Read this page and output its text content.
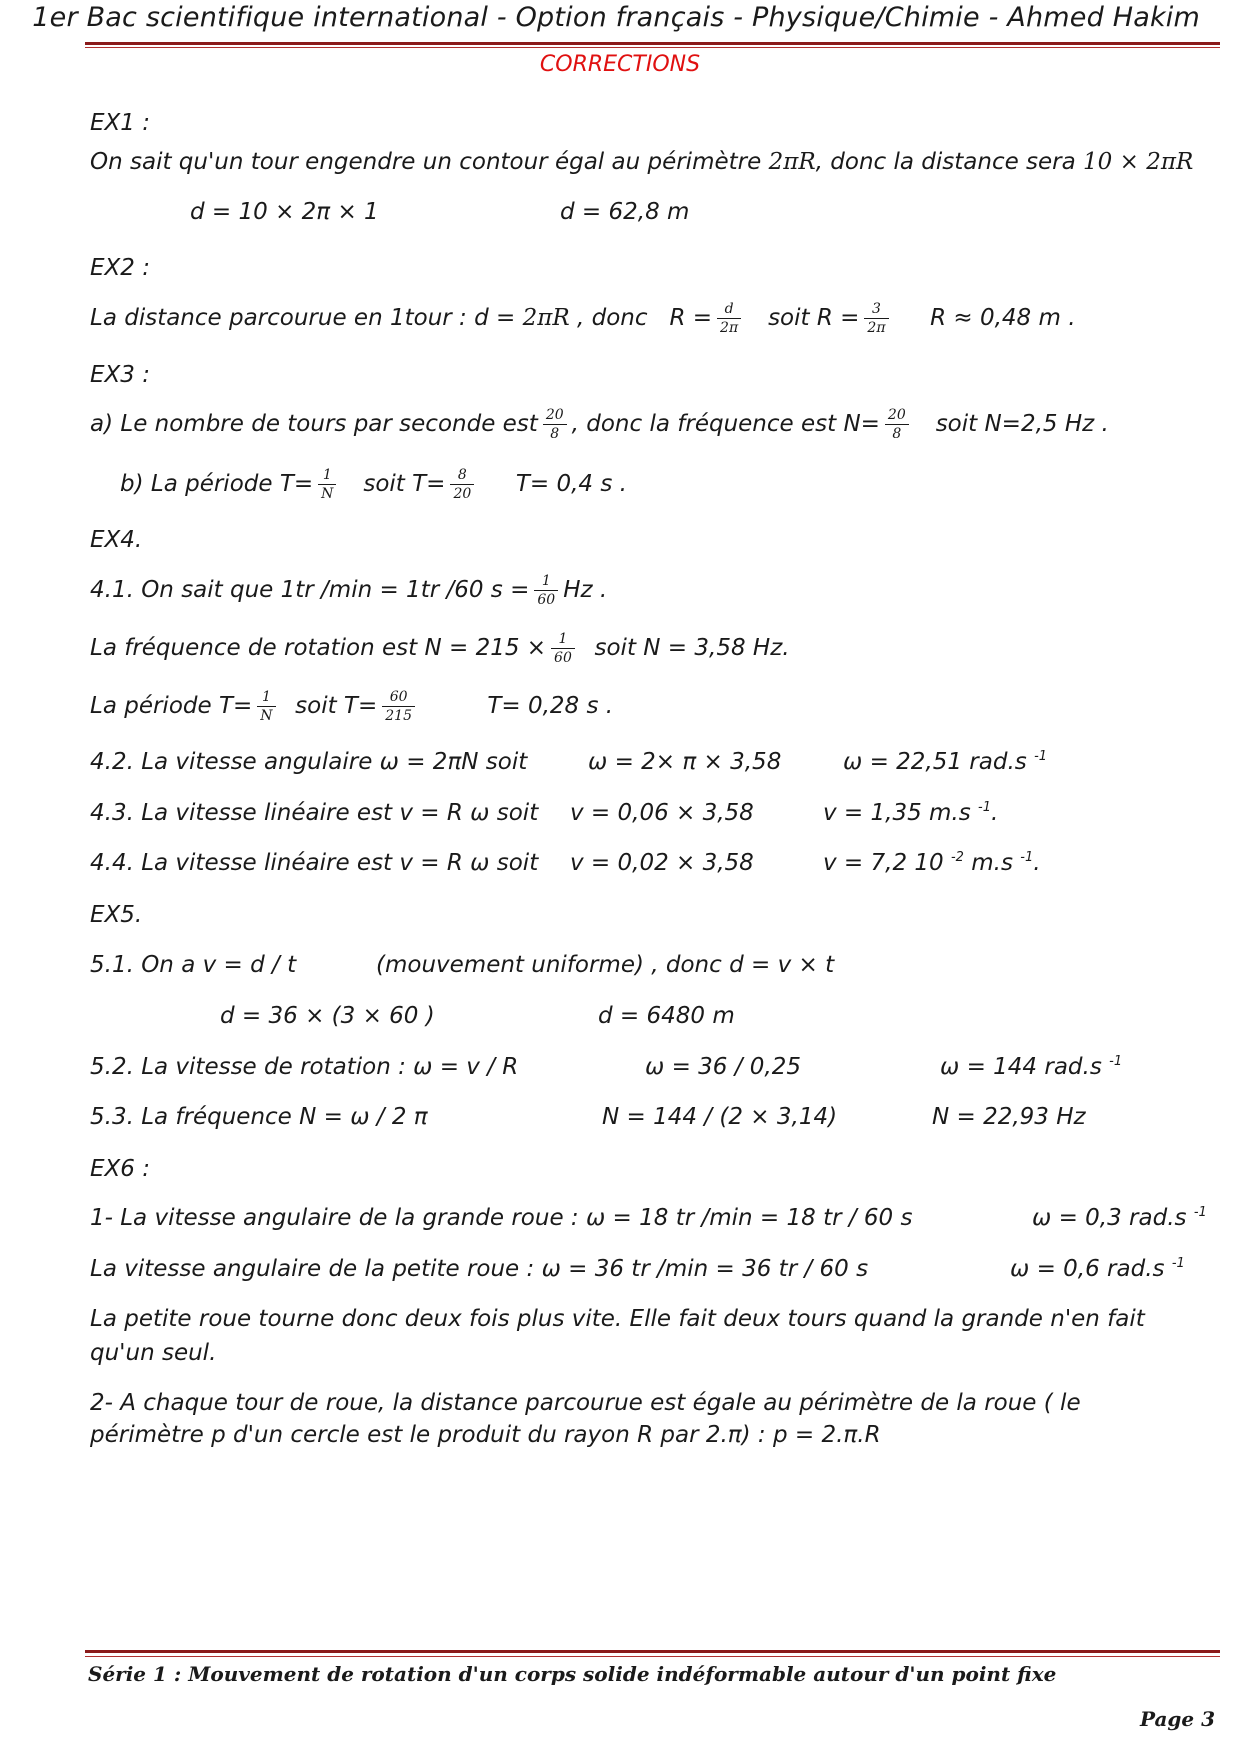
1er Bac scientifique international - Option français - Physique/Chimie - Ahmed Hakim
CORRECTIONS
EX1 :
On sait qu'un tour engendre un contour égal au périmètre 2πR, donc la distance sera 10 × 2πR
d = 10 × 2π × 1	d = 62,8 m
EX2 :
La distance parcourue en 1tour : d = 2πR , donc $R = \frac{d}{2\pi}$ soit $R = \frac{3}{2\pi}$ R ≈ 0,48 m .
EX3 :
a) Le nombre de tours par seconde est $\frac{20}{8}$ , donc la fréquence est $N= \frac{20}{8}$ soit N=2,5 Hz .
b) La période $T= \frac{1}{N}$ soit $T= \frac{8}{20} T= 0,4$ s .
EX4.
4.1. On sait que 1tr /min = 1tr /60 $s = \frac{1}{60}$ Hz .
La fréquence de rotation est $N = 215 \times \frac{1}{60}$ soit N = 3,58 Hz.
La période $T= \frac{1}{N}$ soit $T= \frac{60}{215}$	T= 0,28 s .
4.2. La vitesse angulaire ω = 2πN soit	ω = 2× π × 3,58	ω = 22,51 rad.s $^{-1}$
4.3. La vitesse linéaire est v = R ω soit v = 0,06 × 3,58	v = 1,35 m.s $^{-1}$.
4.4. La vitesse linéaire est v = R ω soit v = 0,02 × 3,58	v = 7,2 10 $^{-2}$ m.s $^{-1}$.
EX5.
5.1. On a v = d / t	(mouvement uniforme) , donc d = v × t
d = 36 × (3 × 60 )	d = 6480 m
5.2. La vitesse de rotation : ω = v / R	ω = 36 / 0,25	ω = 144 rad.s $^{-1}$
5.3. La fréquence N = ω / 2 π	N = 144 / (2 × 3,14)	N = 22,93 Hz
EX6 :
1- La vitesse angulaire de la grande roue : ω = 18 tr /min = 18 tr / 60 s	ω = 0,3 rad.s $^{-1}$
La vitesse angulaire de la petite roue : ω = 36 tr /min = 36 tr / 60 s	ω = 0,6 rad.s $^{-1}$
La petite roue tourne donc deux fois plus vite. Elle fait deux tours quand la grande n'en fait
qu'un seul.
2- A chaque tour de roue, la distance parcourue est égale au périmètre de la roue ( le
périmètre p d'un cercle est le produit du rayon R par 2.π) : p = 2.π.R
Série 1 : Mouvement de rotation d'un corps solide indéformable autour d'un point fixe
Page 3
